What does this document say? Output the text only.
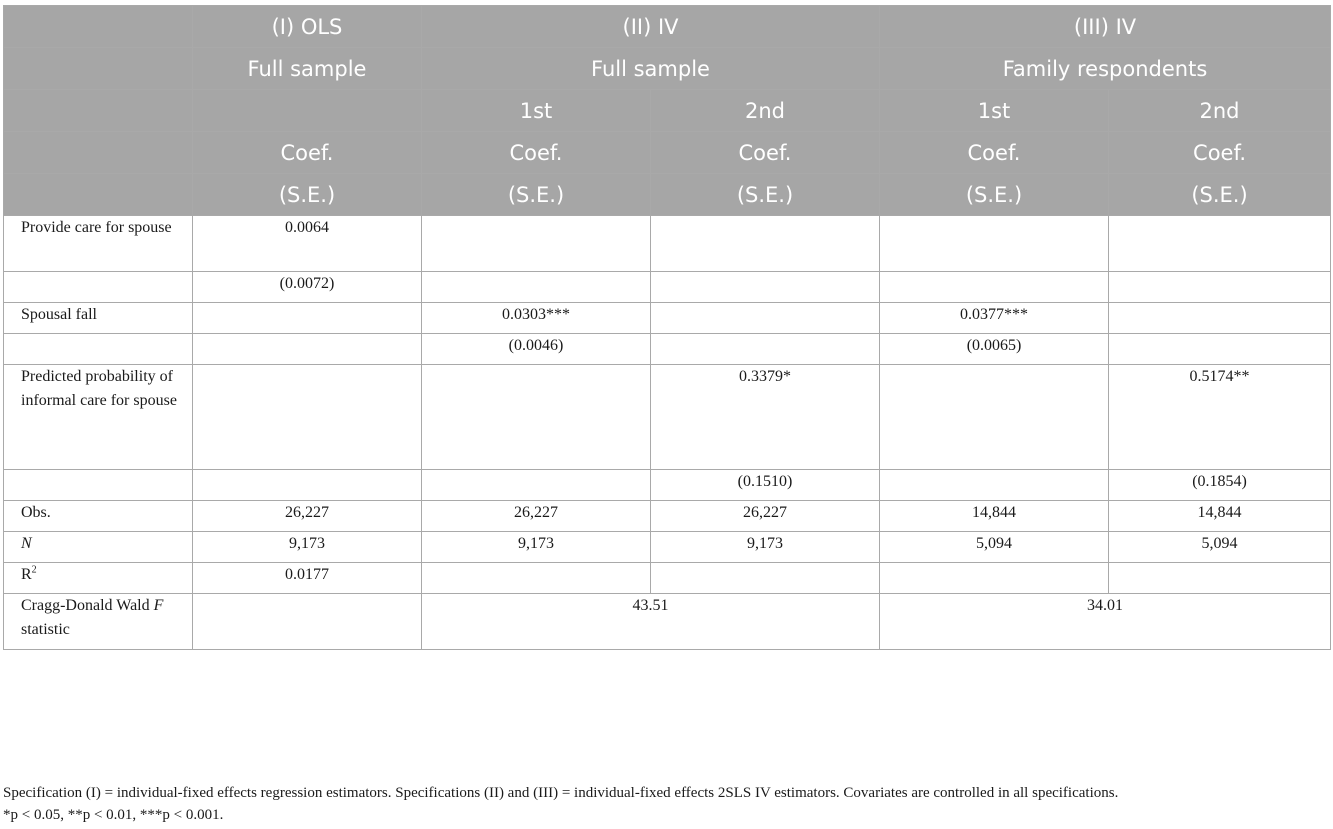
	(I) OLS	(II) IV		(III) IV	
	Full sample	Full sample		Family respondents	
		1st	2nd	1st	2nd
	Coef.	Coef.	Coef.	Coef.	Coef.
	(S.E.)	(S.E.)	(S.E.)	(S.E.)	(S.E.)
Provide care for spouse	0.0064				
	(0.0072)				
Spousal fall		0.0303***		0.0377***	
		(0.0046)		(0.0065)	
Predicted probability of informal care for spouse			0.3379*		0.5174**
			(0.1510)		(0.1854)
Obs.	26,227	26,227	26,227	14,844	14,844
N	9,173	9,173	9,173	5,094	5,094
$R^2$	0.0177				
Cragg-Donald Wald F statistic		43.51		34.01	

Specification (I) = individual-fixed effects regression estimators. Specifications (II) and (III) = individual-fixed effects 2SLS IV estimators. Covariates are controlled in all specifications.

*p < 0.05, **p < 0.01, ***p < 0.001.
